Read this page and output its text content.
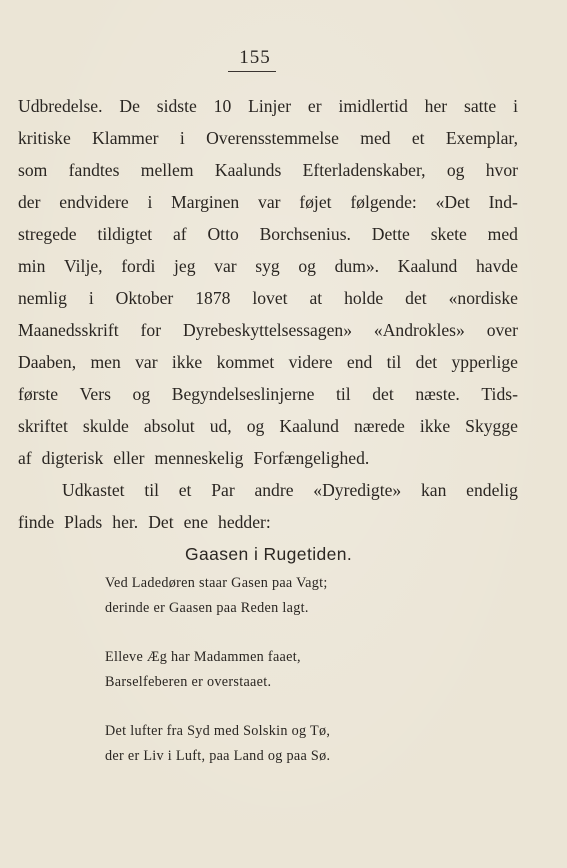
155
Udbredelse. De sidste 10 Linjer er imidlertid her satte i
kritiske Klammer i Overensstemmelse med et Exemplar,
som fandtes mellem Kaalunds Efterladenskaber, og hvor
der endvidere i Marginen var føjet følgende: «Det Ind-
stregede tildigtet af Otto Borchsenius. Dette skete med
min Vilje, fordi jeg var syg og dum». Kaalund havde
nemlig i Oktober 1878 lovet at holde det «nordiske
Maanedsskrift for Dyrebeskyttelsessagen» «Androkles» over
Daaben, men var ikke kommet videre end til det ypperlige
første Vers og Begyndelseslinjerne til det næste. Tids-
skriftet skulde absolut ud, og Kaalund nærede ikke Skygge
af digterisk eller menneskelig Forfængelighed.
Udkastet til et Par andre «Dyredigte» kan endelig
finde Plads her. Det ene hedder:
Gaasen i Rugetiden.
Ved Ladedøren staar Gasen paa Vagt;
derinde er Gaasen paa Reden lagt.
Elleve Æg har Madammen faaet,
Barselfeberen er overstaaet.
Det lufter fra Syd med Solskin og Tø,
der er Liv i Luft, paa Land og paa Sø.
